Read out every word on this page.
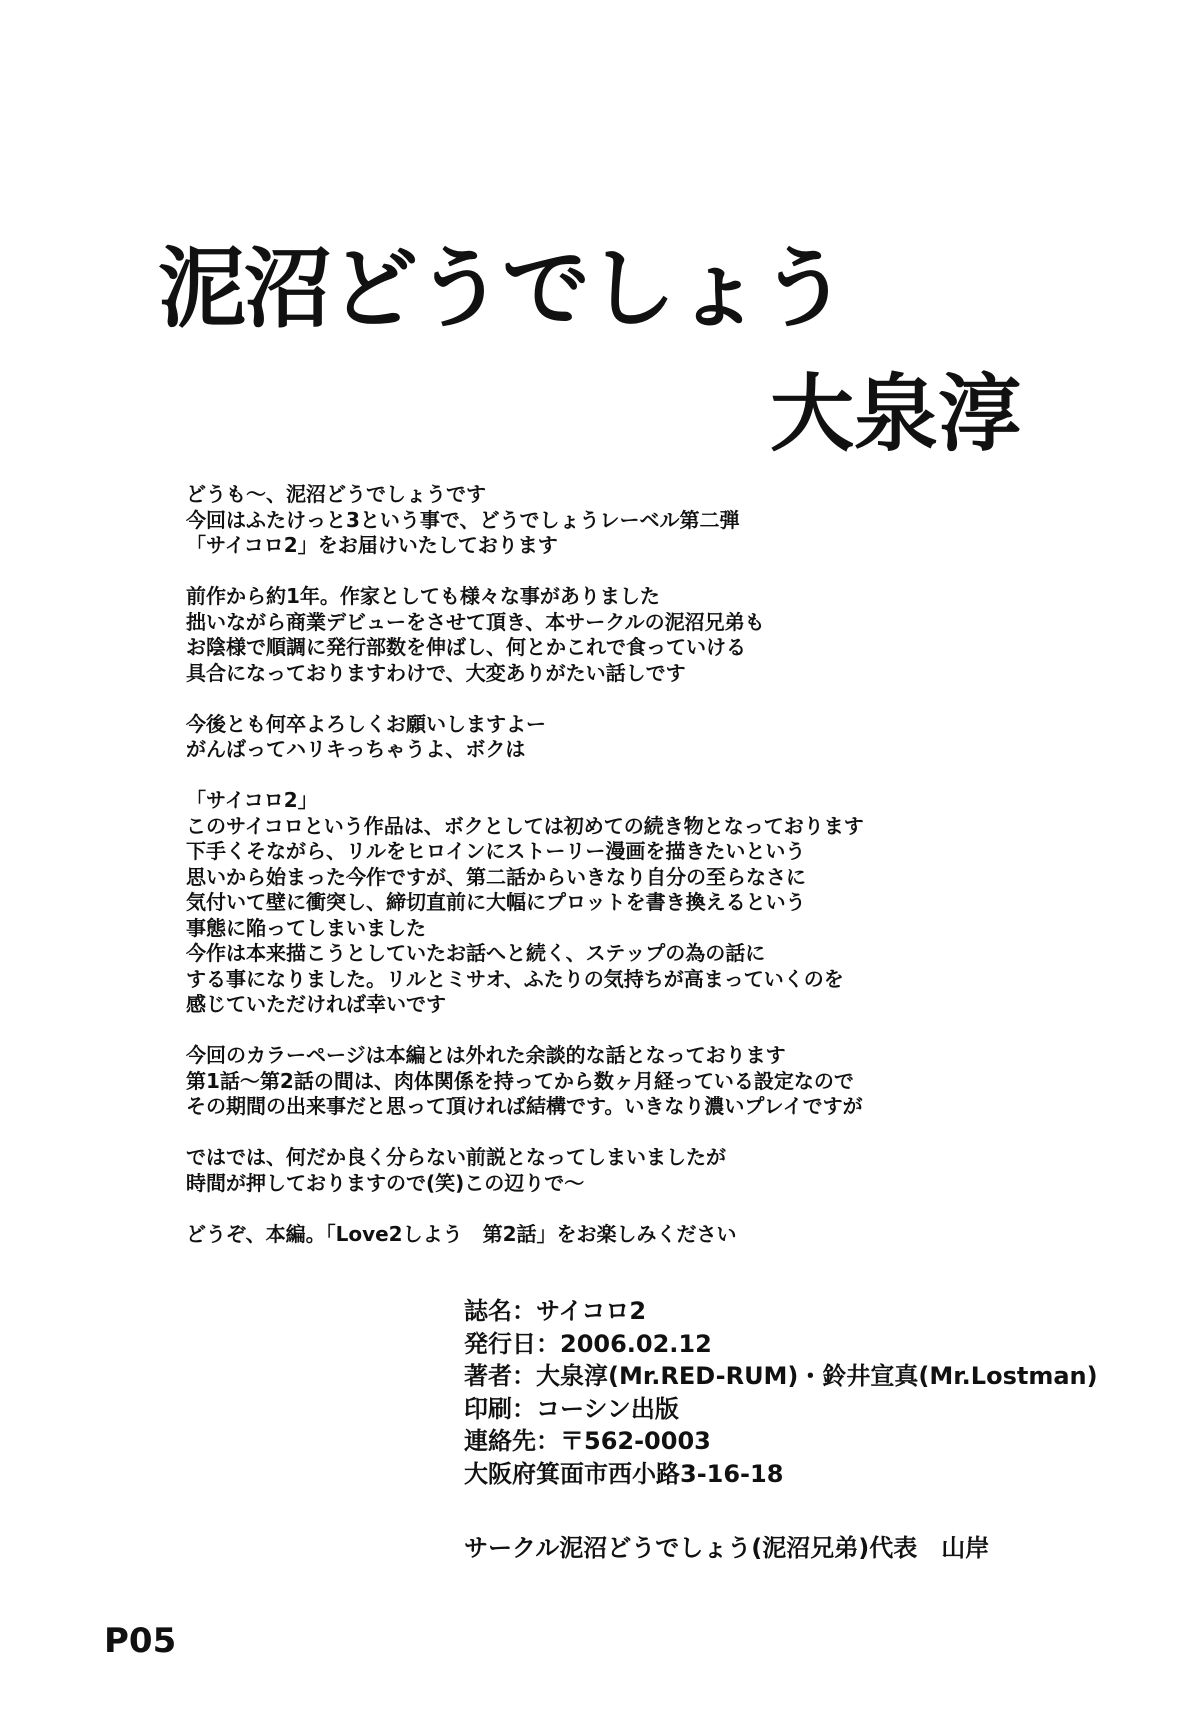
泥沼どうでしょう
大泉淳
どうも～、泥沼どうでしょうです
今回はふたけっと3という事で、どうでしょうレーベル第二弾
「サイコロ2」をお届けいたしております
前作から約1年。作家としても様々な事がありました
拙いながら商業デビューをさせて頂き、本サークルの泥沼兄弟も
お陰様で順調に発行部数を伸ばし、何とかこれで食っていける
具合になっておりますわけで、大変ありがたい話しです
今後とも何卒よろしくお願いしますよー
がんばってハリキっちゃうよ、ボクは
「サイコロ2」
このサイコロという作品は、ボクとしては初めての続き物となっております
下手くそながら、リルをヒロインにストーリー漫画を描きたいという
思いから始まった今作ですが、第二話からいきなり自分の至らなさに
気付いて壁に衝突し、締切直前に大幅にプロットを書き換えるという
事態に陥ってしまいました
今作は本来描こうとしていたお話へと続く、ステップの為の話に
する事になりました。リルとミサオ、ふたりの気持ちが高まっていくのを
感じていただければ幸いです
今回のカラーページは本編とは外れた余談的な話となっております
第1話～第2話の間は、肉体関係を持ってから数ヶ月経っている設定なので
その期間の出来事だと思って頂ければ結構です。いきなり濃いプレイですが
ではでは、何だか良く分らない前説となってしまいましたが
時間が押しておりますので(笑)この辺りで～
どうぞ、本編。「Love2しよう　第2話」をお楽しみください
誌名：サイコロ2
発行日：2006.02.12
著者：大泉淳(Mr.RED-RUM)・鈴井宣真(Mr.Lostman)
印刷：コーシン出版
連絡先：〒562-0003
大阪府箕面市西小路3-16-18
サークル泥沼どうでしょう(泥沼兄弟)代表　山岸
P05
